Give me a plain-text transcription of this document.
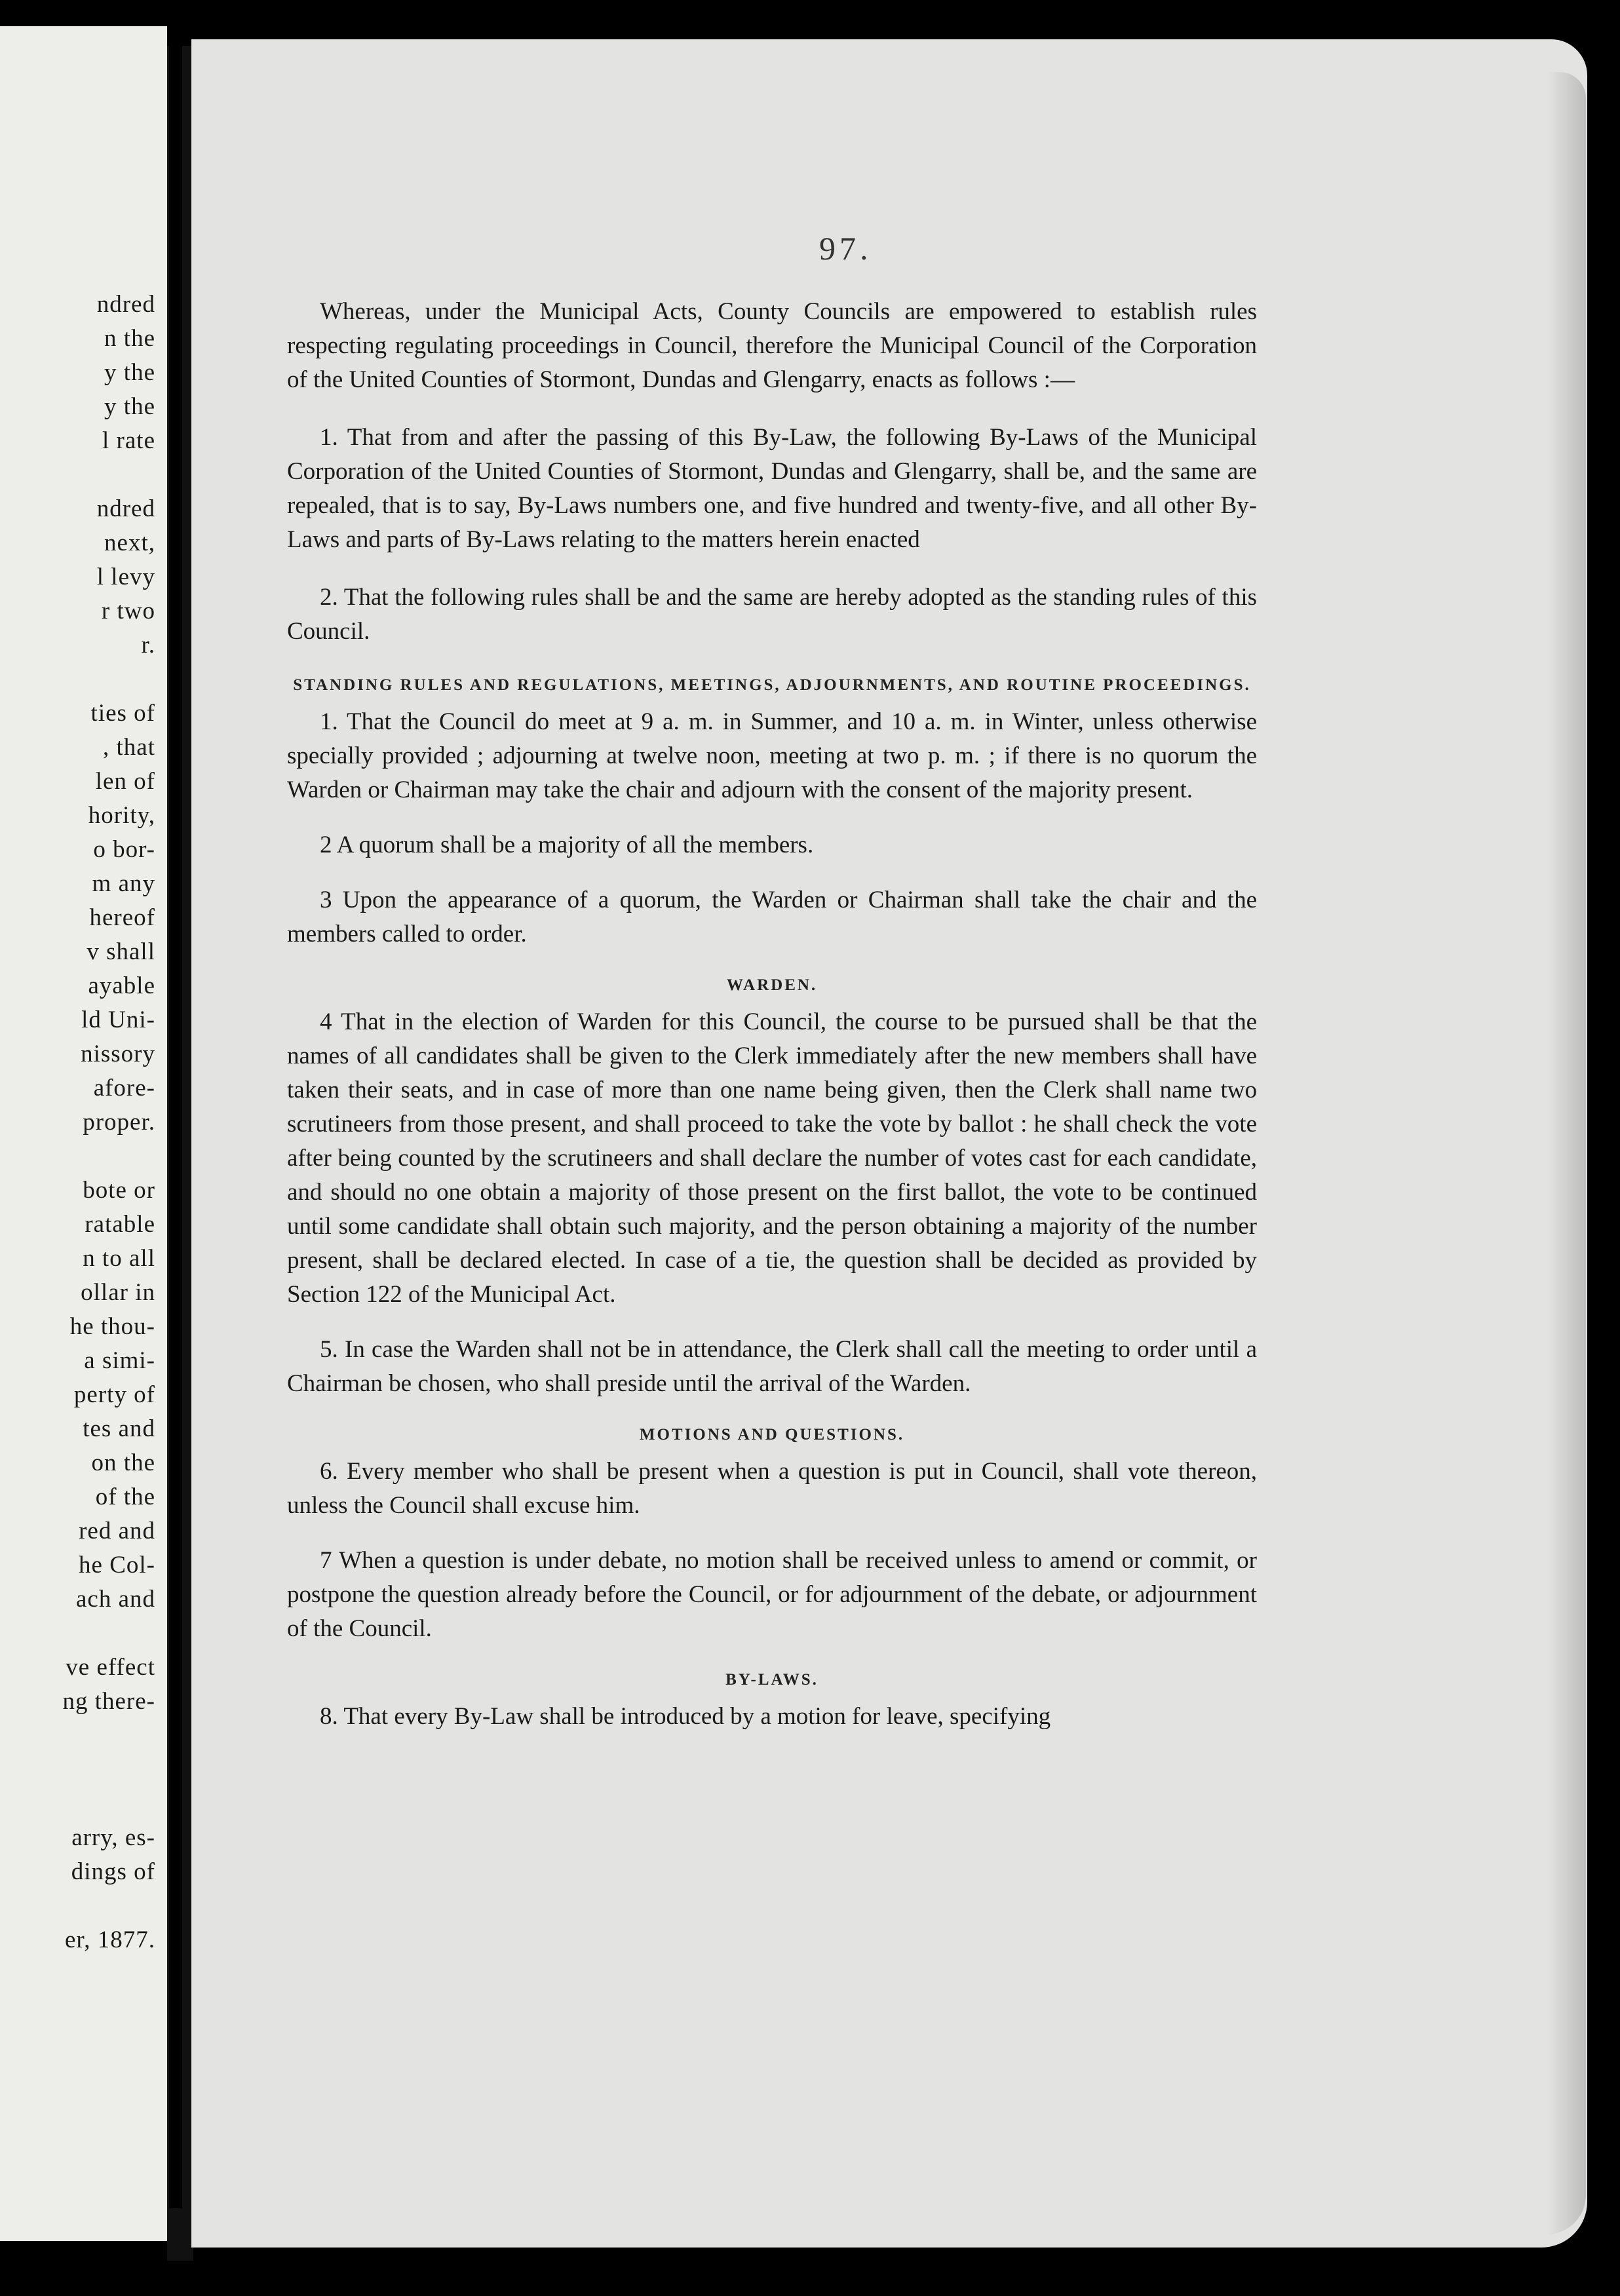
ndred
n the
y the
y the
l rate
ndred
next,
l levy
r two
r.
ties of
, that
len of
hority,
o bor-
m any
hereof
v shall
ayable
ld Uni-
nissory
afore-
proper.
bote or
ratable
n to all
ollar in
he thou-
a simi-
perty of
tes and
on the
of the
red and
he Col-
ach and
ve effect
ng there-
arry, es-
dings of
er, 1877.
97.

Whereas, under the Municipal Acts, County Councils are empowered to establish rules respecting regulating proceedings in Council, therefore the Municipal Council of the Corporation of the United Counties of Stormont, Dundas and Glengarry, enacts as follows :—

1. That from and after the passing of this By-Law, the following By-Laws of the Municipal Corporation of the United Counties of Stormont, Dundas and Glengarry, shall be, and the same are repealed, that is to say, By-Laws numbers one, and five hundred and twenty-five, and all other By-Laws and parts of By-Laws relating to the matters herein enacted

2. That the following rules shall be and the same are hereby adopted as the standing rules of this Council.

STANDING RULES AND REGULATIONS, MEETINGS, ADJOURNMENTS, AND ROUTINE PROCEEDINGS.

1. That the Council do meet at 9 a. m. in Summer, and 10 a. m. in Winter, unless otherwise specially provided ; adjourning at twelve noon, meeting at two p. m. ; if there is no quorum the Warden or Chairman may take the chair and adjourn with the consent of the majority present.

2 A quorum shall be a majority of all the members.

3 Upon the appearance of a quorum, the Warden or Chairman shall take the chair and the members called to order.

WARDEN.

4 That in the election of Warden for this Council, the course to be pursued shall be that the names of all candidates shall be given to the Clerk immediately after the new members shall have taken their seats, and in case of more than one name being given, then the Clerk shall name two scrutineers from those present, and shall proceed to take the vote by ballot : he shall check the vote after being counted by the scrutineers and shall declare the number of votes cast for each candidate, and should no one obtain a majority of those present on the first ballot, the vote to be continued until some candidate shall obtain such majority, and the person obtaining a majority of the number present, shall be declared elected. In case of a tie, the question shall be decided as provided by Section 122 of the Municipal Act.

5. In case the Warden shall not be in attendance, the Clerk shall call the meeting to order until a Chairman be chosen, who shall preside until the arrival of the Warden.

MOTIONS AND QUESTIONS.

6. Every member who shall be present when a question is put in Council, shall vote thereon, unless the Council shall excuse him.

7 When a question is under debate, no motion shall be received unless to amend or commit, or postpone the question already before the Council, or for adjournment of the debate, or adjournment of the Council.

BY-LAWS.

8. That every By-Law shall be introduced by a motion for leave, specifying
